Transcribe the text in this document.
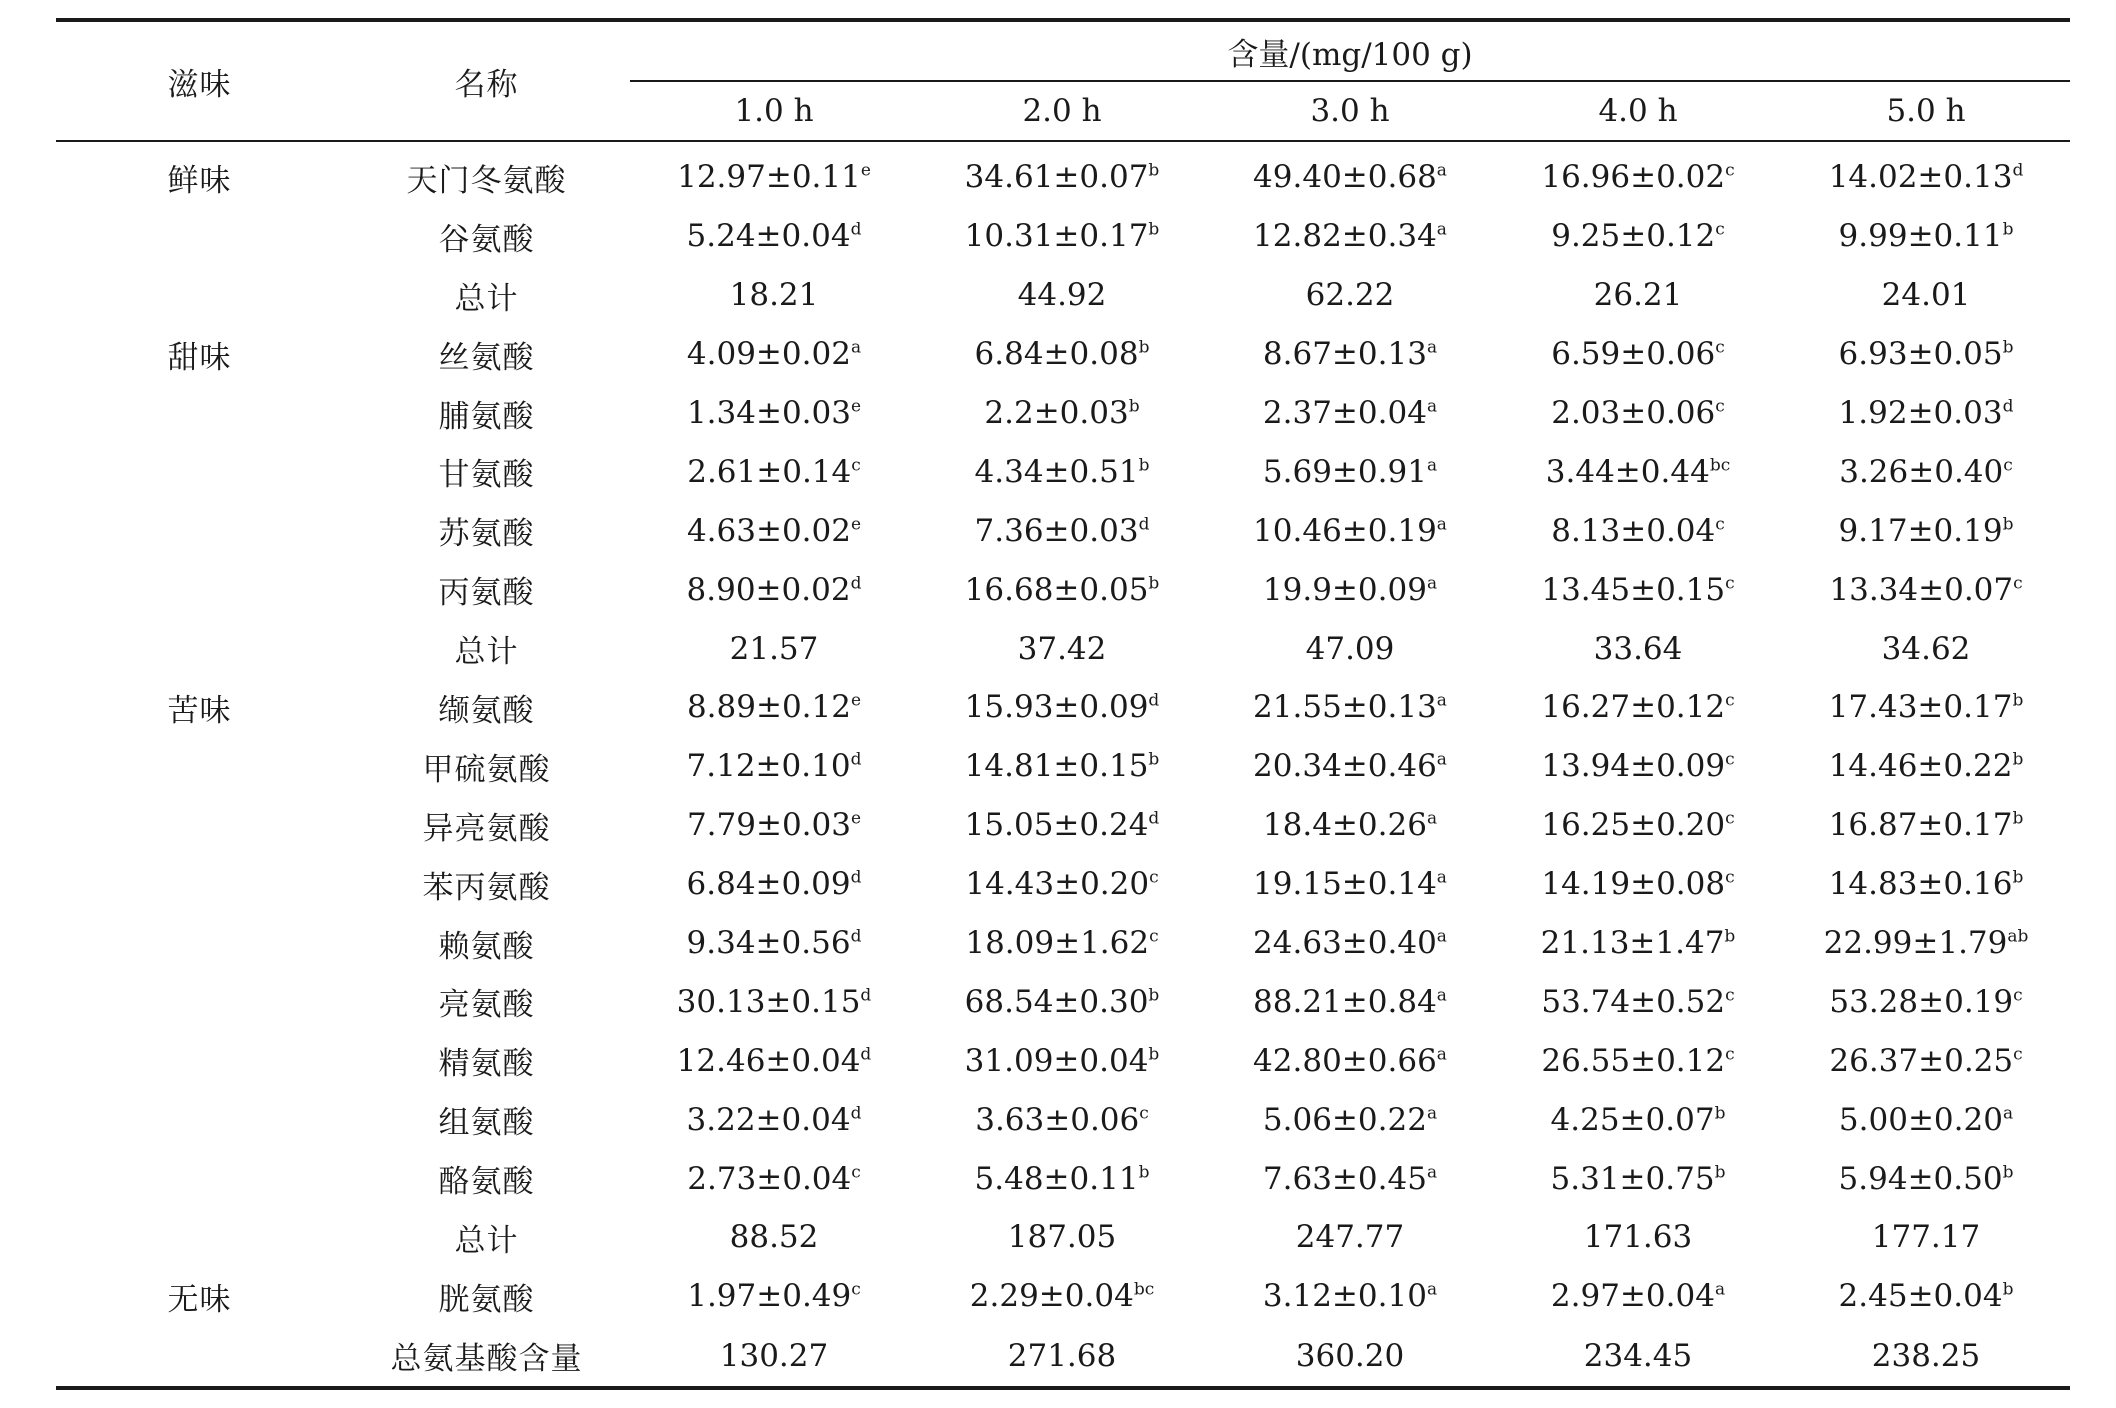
滋味	名称	含量/(mg/100 g)				
		1.0 h	2.0 h	3.0 h	4.0 h	5.0 h
鲜味	天门冬氨酸	12.97±0.11$^e$	34.61±0.07$^b$	49.40±0.68$^a$	16.96±0.02$^c$	14.02±0.13$^d$
	谷氨酸	5.24±0.04$^d$	10.31±0.17$^b$	12.82±0.34$^a$	9.25±0.12$^c$	9.99±0.11$^b$
	总计	18.21	44.92	62.22	26.21	24.01
甜味	丝氨酸	4.09±0.02$^a$	6.84±0.08$^b$	8.67±0.13$^a$	6.59±0.06$^c$	6.93±0.05$^b$
	脯氨酸	1.34±0.03$^e$	2.2±0.03$^b$	2.37±0.04$^a$	2.03±0.06$^c$	1.92±0.03$^d$
	甘氨酸	2.61±0.14$^c$	4.34±0.51$^b$	5.69±0.91$^a$	3.44±0.44$^{bc}$	3.26±0.40$^c$
	苏氨酸	4.63±0.02$^e$	7.36±0.03$^d$	10.46±0.19$^a$	8.13±0.04$^c$	9.17±0.19$^b$
	丙氨酸	8.90±0.02$^d$	16.68±0.05$^b$	19.9±0.09$^a$	13.45±0.15$^c$	13.34±0.07$^c$
	总计	21.57	37.42	47.09	33.64	34.62
苦味	缬氨酸	8.89±0.12$^e$	15.93±0.09$^d$	21.55±0.13$^a$	16.27±0.12$^c$	17.43±0.17$^b$
	甲硫氨酸	7.12±0.10$^d$	14.81±0.15$^b$	20.34±0.46$^a$	13.94±0.09$^c$	14.46±0.22$^b$
	异亮氨酸	7.79±0.03$^e$	15.05±0.24$^d$	18.4±0.26$^a$	16.25±0.20$^c$	16.87±0.17$^b$
	苯丙氨酸	6.84±0.09$^d$	14.43±0.20$^c$	19.15±0.14$^a$	14.19±0.08$^c$	14.83±0.16$^b$
	赖氨酸	9.34±0.56$^d$	18.09±1.62$^c$	24.63±0.40$^a$	21.13±1.47$^b$	22.99±1.79$^{ab}$
	亮氨酸	30.13±0.15$^d$	68.54±0.30$^b$	88.21±0.84$^a$	53.74±0.52$^c$	53.28±0.19$^c$
	精氨酸	12.46±0.04$^d$	31.09±0.04$^b$	42.80±0.66$^a$	26.55±0.12$^c$	26.37±0.25$^c$
	组氨酸	3.22±0.04$^d$	3.63±0.06$^c$	5.06±0.22$^a$	4.25±0.07$^b$	5.00±0.20$^a$
	酪氨酸	2.73±0.04$^c$	5.48±0.11$^b$	7.63±0.45$^a$	5.31±0.75$^b$	5.94±0.50$^b$
	总计	88.52	187.05	247.77	171.63	177.17
无味	胱氨酸	1.97±0.49$^c$	2.29±0.04$^{bc}$	3.12±0.10$^a$	2.97±0.04$^a$	2.45±0.04$^b$
	总氨基酸含量	130.27	271.68	360.20	234.45	238.25
